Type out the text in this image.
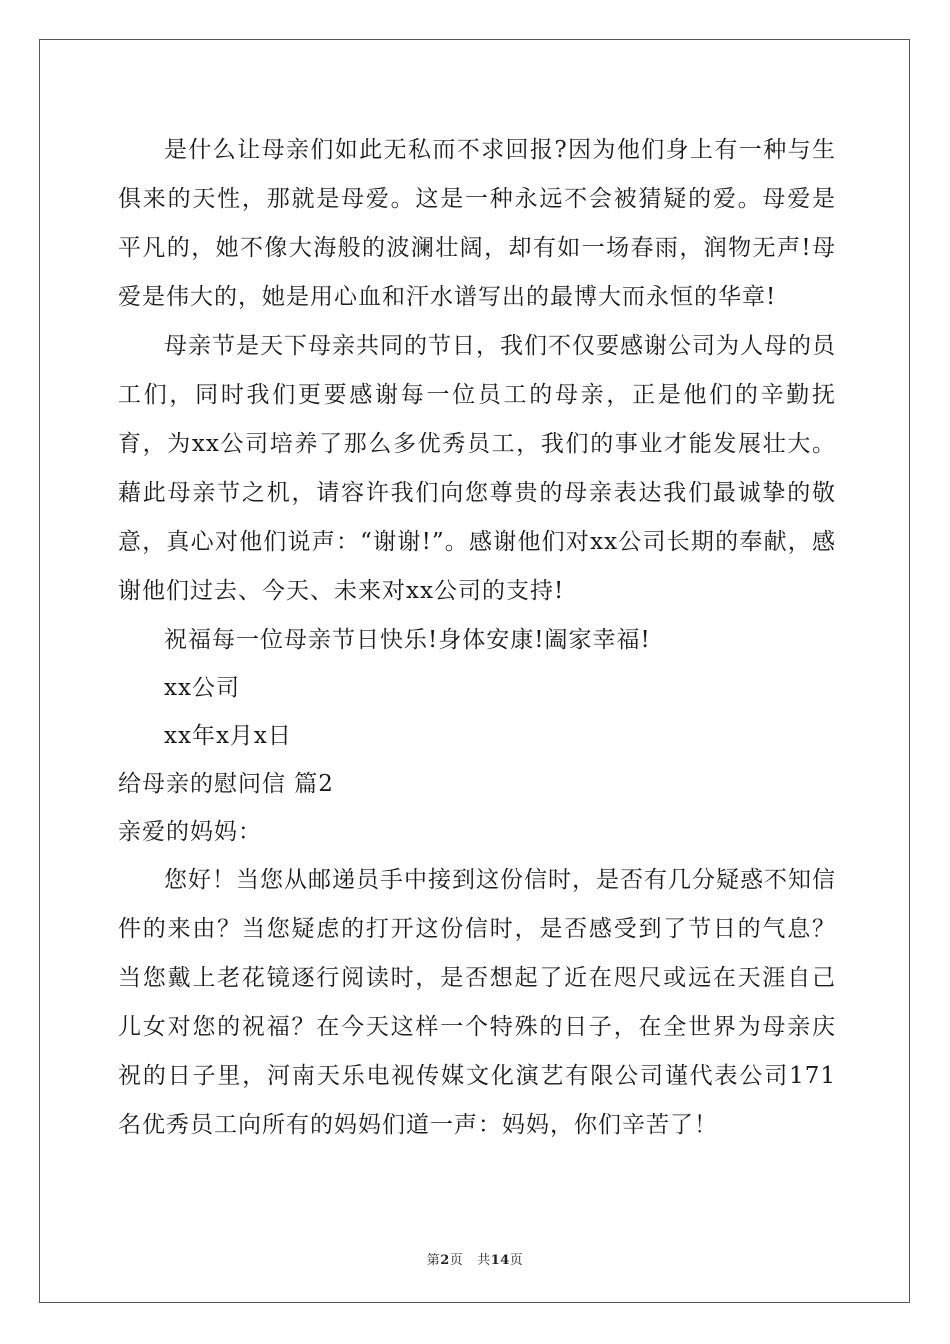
是什么让母亲们如此无私而不求回报?因为他们身上有一种与生俱来的天性，那就是母爱。这是一种永远不会被猜疑的爱。母爱是平凡的，她不像大海般的波澜壮阔，却有如一场春雨，润物无声!母爱是伟大的，她是用心血和汗水谱写出的最博大而永恒的华章!

母亲节是天下母亲共同的节日，我们不仅要感谢公司为人母的员工们，同时我们更要感谢每一位员工的母亲，正是他们的辛勤抚育，为xx公司培养了那么多优秀员工，我们的事业才能发展壮大。藉此母亲节之机，请容许我们向您尊贵的母亲表达我们最诚挚的敬意，真心对他们说声：“谢谢!”。感谢他们对xx公司长期的奉献，感谢他们过去、今天、未来对xx公司的支持!

祝福每一位母亲节日快乐!身体安康!阖家幸福!

xx公司

xx年x月x日

给母亲的慰问信 篇2

亲爱的妈妈：

您好！当您从邮递员手中接到这份信时，是否有几分疑惑不知信件的来由？当您疑虑的打开这份信时，是否感受到了节日的气息？当您戴上老花镜逐行阅读时，是否想起了近在咫尺或远在天涯自己儿女对您的祝福？在今天这样一个特殊的日子，在全世界为母亲庆祝的日子里，河南天乐电视传媒文化演艺有限公司谨代表公司171名优秀员工向所有的妈妈们道一声：妈妈，你们辛苦了！

第2页 共14页
